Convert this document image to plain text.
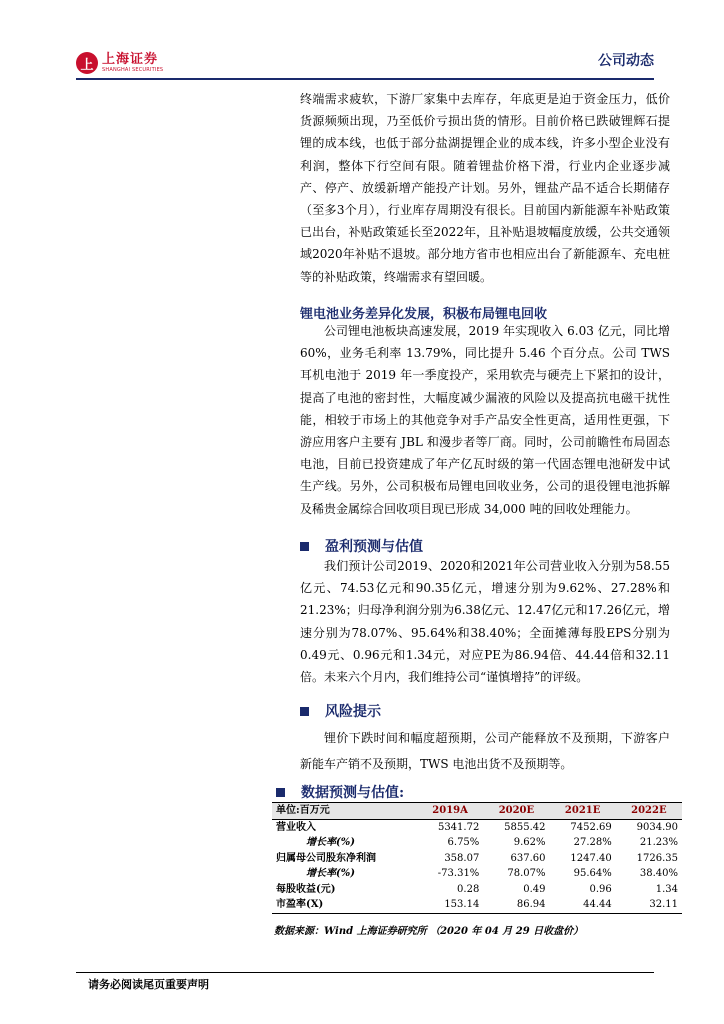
上 上海证券
SHANGHAI SECURITIES
公司动态

终端需求疲软，下游厂家集中去库存，年底更是迫于资金压力，低价货源频频出现，乃至低价亏损出货的情形。目前价格已跌破锂辉石提锂的成本线，也低于部分盐湖提锂企业的成本线，许多小型企业没有利润，整体下行空间有限。随着锂盐价格下滑，行业内企业逐步减产、停产、放缓新增产能投产计划。另外，锂盐产品不适合长期储存（至多3个月），行业库存周期没有很长。目前国内新能源车补贴政策已出台，补贴政策延长至2022年，且补贴退坡幅度放缓，公共交通领域2020年补贴不退坡。部分地方省市也相应出台了新能源车、充电桩等的补贴政策，终端需求有望回暖。

锂电池业务差异化发展，积极布局锂电回收

公司锂电池板块高速发展，2019 年实现收入 6.03 亿元，同比增60%，业务毛利率 13.79%，同比提升 5.46 个百分点。公司 TWS 耳机电池于 2019 年一季度投产，采用软壳与硬壳上下紧扣的设计，提高了电池的密封性，大幅度减少漏液的风险以及提高抗电磁干扰性能，相较于市场上的其他竞争对手产品安全性更高，适用性更强，下游应用客户主要有 JBL 和漫步者等厂商。同时，公司前瞻性布局固态电池，目前已投资建成了年产亿瓦时级的第一代固态锂电池研发中试生产线。另外，公司积极布局锂电回收业务，公司的退役锂电池拆解及稀贵金属综合回收项目现已形成 34,000 吨的回收处理能力。

盈利预测与估值

我们预计公司2019、2020和2021年公司营业收入分别为58.55亿元、74.53亿元和90.35亿元，增速分别为9.62%、27.28%和21.23%；归母净利润分别为6.38亿元、12.47亿元和17.26亿元，增速分别为78.07%、95.64%和38.40%；全面摊薄每股EPS分别为0.49元、0.96元和1.34元，对应PE为86.94倍、44.44倍和32.11倍。未来六个月内，我们维持公司“谨慎增持”的评级。

风险提示

锂价下跌时间和幅度超预期，公司产能释放不及预期，下游客户新能车产销不及预期，TWS 电池出货不及预期等。

数据预测与估值:
单位:百万元	2019A	2020E	2021E	2022E
营业收入	5341.72	5855.42	7452.69	9034.90
增长率(%)	6.75%	9.62%	27.28%	21.23%
归属母公司股东净利润	358.07	637.60	1247.40	1726.35
增长率(%)	-73.31%	78.07%	95.64%	38.40%
每股收益(元)	0.28	0.49	0.96	1.34
市盈率(X)	153.14	86.94	44.44	32.11
数据来源：Wind 上海证券研究所 （2020 年 04 月 29 日收盘价）
请务必阅读尾页重要声明
